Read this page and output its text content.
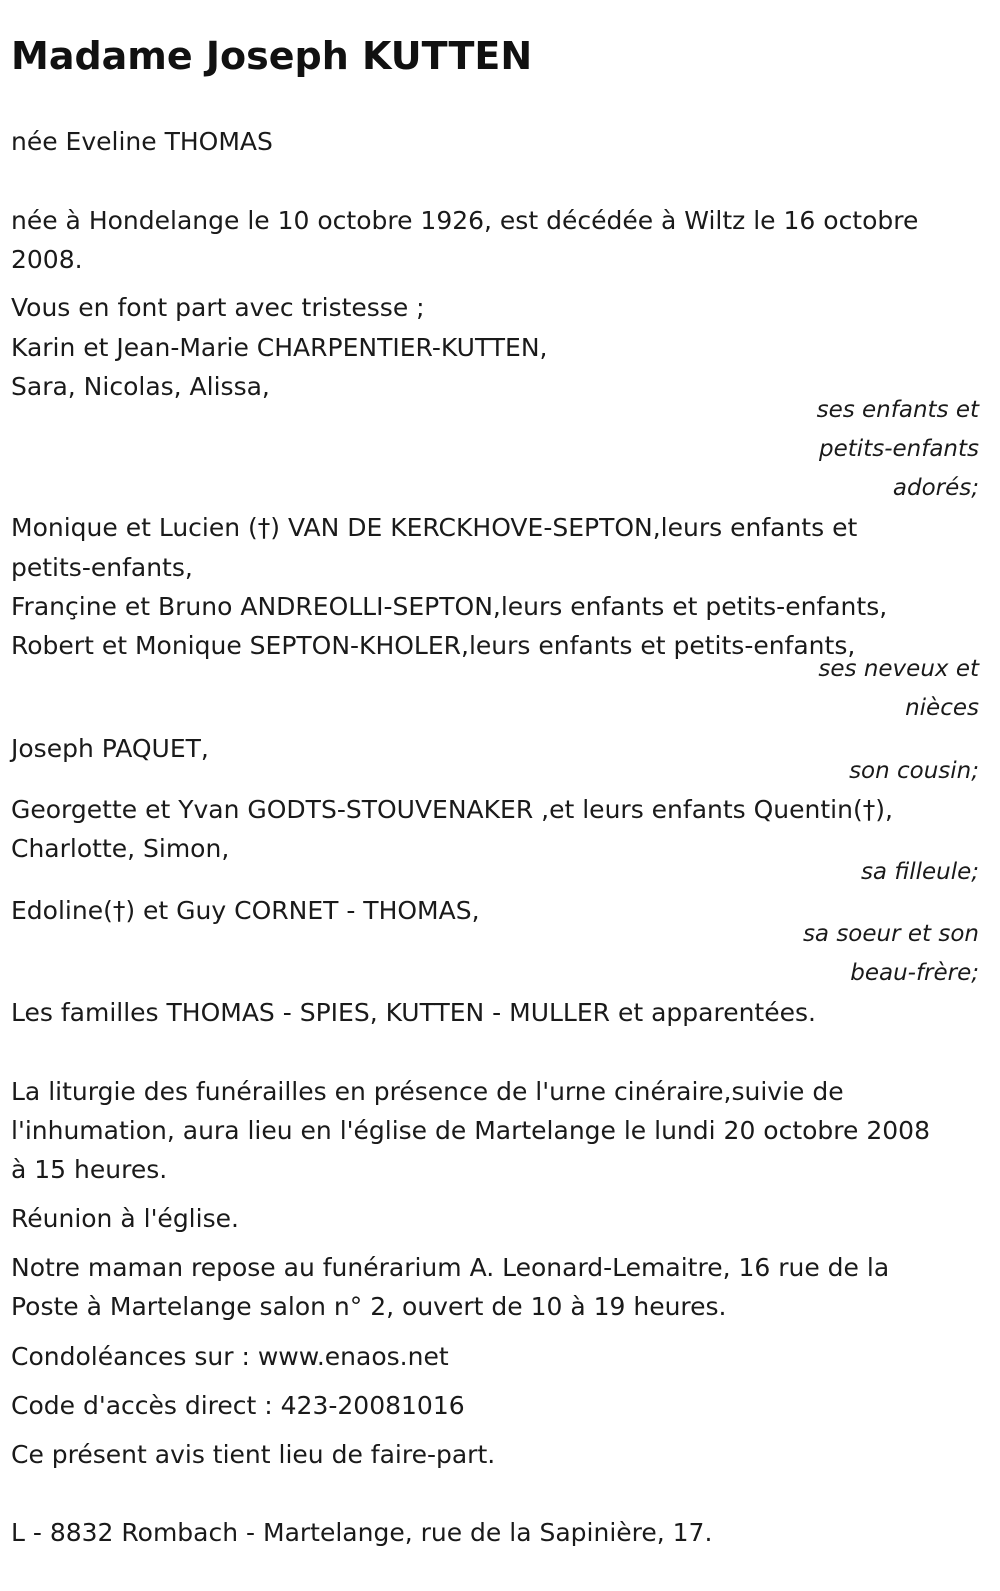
Madame Joseph KUTTEN
née Eveline THOMAS
née à Hondelange le 10 octobre 1926, est décédée à Wiltz le 16 octobre
2008.
Vous en font part avec tristesse ;
Karin et Jean-Marie CHARPENTIER-KUTTEN,
Sara, Nicolas, Alissa,
ses enfants et
petits-enfants
adorés;
Monique et Lucien (†) VAN DE KERCKHOVE-SEPTON,leurs enfants et
petits-enfants,
Françine et Bruno ANDREOLLI-SEPTON,leurs enfants et petits-enfants,
Robert et Monique SEPTON-KHOLER,leurs enfants et petits-enfants,
ses neveux et
nièces
Joseph PAQUET,
son cousin;
Georgette et Yvan GODTS-STOUVENAKER ,et leurs enfants Quentin(†),
Charlotte, Simon,
sa filleule;
Edoline(†) et Guy CORNET - THOMAS,
sa soeur et son
beau-frère;
Les familles THOMAS - SPIES, KUTTEN - MULLER et apparentées.
La liturgie des funérailles en présence de l'urne cinéraire,suivie de
l'inhumation, aura lieu en l'église de Martelange le lundi 20 octobre 2008
à 15 heures.
Réunion à l'église.
Notre maman repose au funérarium A. Leonard-Lemaitre, 16 rue de la
Poste à Martelange salon n° 2, ouvert de 10 à 19 heures.
Condoléances sur : www.enaos.net
Code d'accès direct : 423-20081016
Ce présent avis tient lieu de faire-part.
L - 8832 Rombach - Martelange, rue de la Sapinière, 17.
